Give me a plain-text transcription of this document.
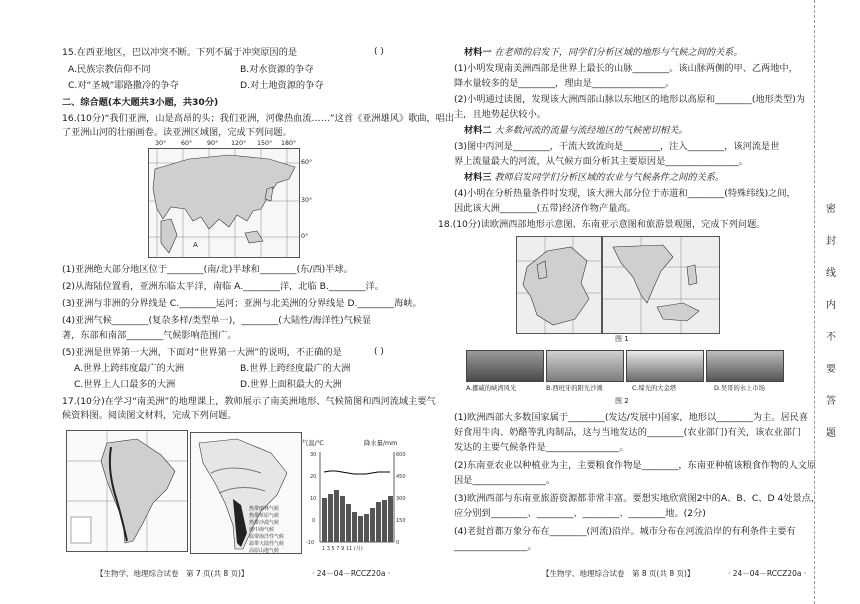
15.在西亚地区，巴以冲突不断。下列不属于冲突原因的是	( )
A.民族宗教信仰不同	B.对水资源的争夺
C.对“圣城”耶路撒冷的争夺	D.对土地资源的争夺
二、综合题(本大题共3小题，共30分)
16.(10分)“我们亚洲，山是高昂的头；我们亚洲，河像热血流……”这首《亚洲雄风》歌曲，唱出
了亚洲山河的壮丽画卷。读亚洲区域图，完成下列问题。
30° 60° 90° 120° 150° 180°
60°
30°
0°
A
(1)亚洲绝大部分地区位于________(南/北)半球和________(东/西)半球。
(2)从海陆位置看，亚洲东临太平洋，南临 A.________洋，北临 B.________洋。
(3)亚洲与非洲的分界线是 C.________运河；亚洲与北美洲的分界线是 D.________海峡。
(4)亚洲气候________(复杂多样/类型单一)，________(大陆性/海洋性)气候显
著，东部和南部________气候影响范围广。
(5)亚洲是世界第一大洲，下面对“世界第一大洲”的说明，不正确的是	( )
A.世界上跨纬度最广的大洲	B.世界上跨经度最广的大洲
C.世界上人口最多的大洲	D.世界上面积最大的大洲
17.(10分)在学习“南美洲”的地理课上，教师展示了南美洲地形、气候简图和西河流域主要气
候资料图。阅读图文材料，完成下列问题。
热带雨林气候
热带草原气候
热带沙漠气候
地中海气候
温带海洋性气候
温带大陆性气候
高原山地气候
气温/℃	降水量/mm
30
20
10
0
-10
600
450
300
150
0
1 3 5 7 9 11 (月)
【生物学、地理综合试卷　第 7 页(共 8 页)】	· 24－04－RCCZ20a ·
材料一 在老师的启发下，同学们分析区域的地形与气候之间的关系。
(1)小明发现南美洲西部是世界上最长的山脉________。该山脉两侧的甲、乙两地中，
降水量较多的是________，理由是________________。
(2)小明通过读图，发现该大洲西部山脉以东地区的地形以高原和________(地形类型)为
主，且地势起伏较小。
材料二 大多数河流的流量与流经地区的气候密切相关。
(3)图中丙河是________，干流大致流向是________，注入________，该河流是世
界上流量最大的河流，从气候方面分析其主要原因是________________。
材料三 教师启发同学们分析区域的农业与气候条件之间的关系。
(4)小明在分析热量条件时发现，该大洲大部分位于赤道和________(特殊纬线)之间，
因此该大洲________(五带)经济作物产量高。
18.(10分)读欧洲西部地形示意图、东南亚示意图和旅游景观图，完成下列问题。
图 1
A.挪威的峡湾风光	B.西班牙的阳光沙滩	C.缔光的大金塔	D.吴哥的水上市场
图 2
(1)欧洲西部大多数国家属于________(发达/发展中)国家，地形以________为主。居民喜
好食用牛肉、奶酪等乳肉制品，这与当地发达的________(农业部门)有关，该农业部门
发达的主要气候条件是________________。
(2)东南亚农业以种植业为主，主要粮食作物是________，东南亚种植该粮食作物的人文原
因是________________。
(3)欧洲西部与东南亚旅游资源都非常丰富。要想实地欣赏图2中的A、B、C、D 4处景点，
应分别到________、________、________、________地。(2分)
(4)老挝首都万象分布在________(河流)沿岸。城市分布在河流沿岸的有利条件主要有
________________。
【生物学、地理综合试卷　第 8 页(共 8 页)】	· 24－04－RCCZ20a ·
密
封
线
内
不
要
答
题
